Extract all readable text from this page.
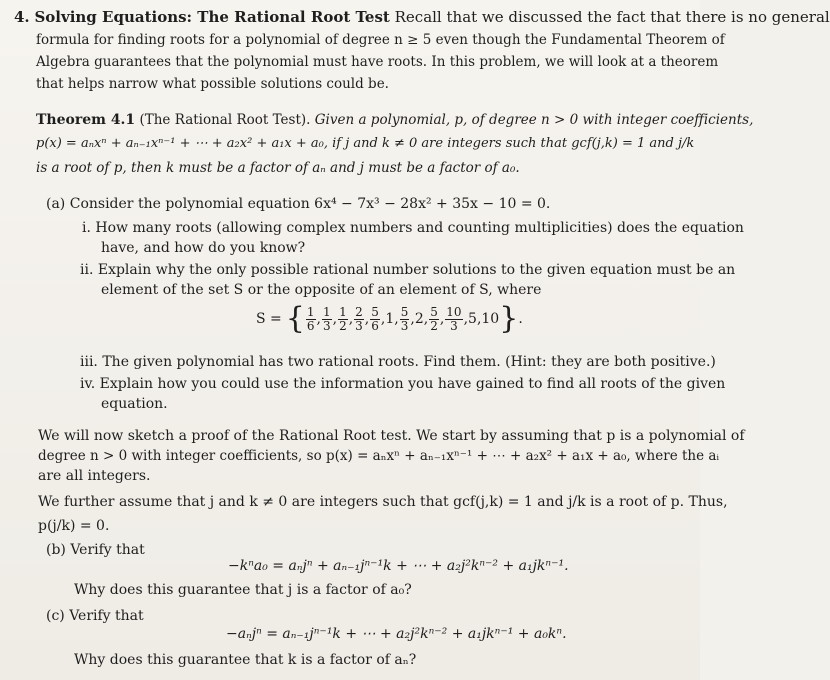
4. Solving Equations: The Rational Root Test Recall that we discussed the fact that there is no general
formula for finding roots for a polynomial of degree n ≥ 5 even though the Fundamental Theorem of
Algebra guarantees that the polynomial must have roots. In this problem, we will look at a theorem
that helps narrow what possible solutions could be.
Theorem 4.1 (The Rational Root Test). Given a polynomial, p, of degree n > 0 with integer coefficients,
p(x) = aₙxⁿ + aₙ₋₁xⁿ⁻¹ + ⋯ + a₂x² + a₁x + a₀, if j and k ≠ 0 are integers such that gcf(j,k) = 1 and j/k
is a root of p, then k must be a factor of aₙ and j must be a factor of a₀.
(a) Consider the polynomial equation 6x⁴ − 7x³ − 28x² + 35x − 10 = 0.
i. How many roots (allowing complex numbers and counting multiplicities) does the equation
have, and how do you know?
ii. Explain why the only possible rational number solutions to the given equation must be an
element of the set S or the opposite of an element of S, where
S = { $\frac{1}{6}$ , $\frac{1}{3}$ , $\frac{1}{2}$ , $\frac{2}{3}$ , $\frac{5}{6}$ , 1 , $\frac{5}{3}$ , 2 , $\frac{5}{2}$ , $\frac{10}{3}$ , 5 , 10 } .
iii. The given polynomial has two rational roots. Find them. (Hint: they are both positive.)
iv. Explain how you could use the information you have gained to find all roots of the given
equation.
We will now sketch a proof of the Rational Root test. We start by assuming that p is a polynomial of
degree n > 0 with integer coefficients, so p(x) = aₙxⁿ + aₙ₋₁xⁿ⁻¹ + ⋯ + a₂x² + a₁x + a₀, where the aᵢ
are all integers.
We further assume that j and k ≠ 0 are integers such that gcf(j,k) = 1 and j/k is a root of p. Thus,
p(j/k) = 0.
(b) Verify that
−kⁿa₀ = aₙjⁿ + aₙ₋₁jⁿ⁻¹k + ⋯ + a₂j²kⁿ⁻² + a₁jkⁿ⁻¹.
Why does this guarantee that j is a factor of a₀?
(c) Verify that
−aₙjⁿ = aₙ₋₁jⁿ⁻¹k + ⋯ + a₂j²kⁿ⁻² + a₁jkⁿ⁻¹ + a₀kⁿ.
Why does this guarantee that k is a factor of aₙ?
